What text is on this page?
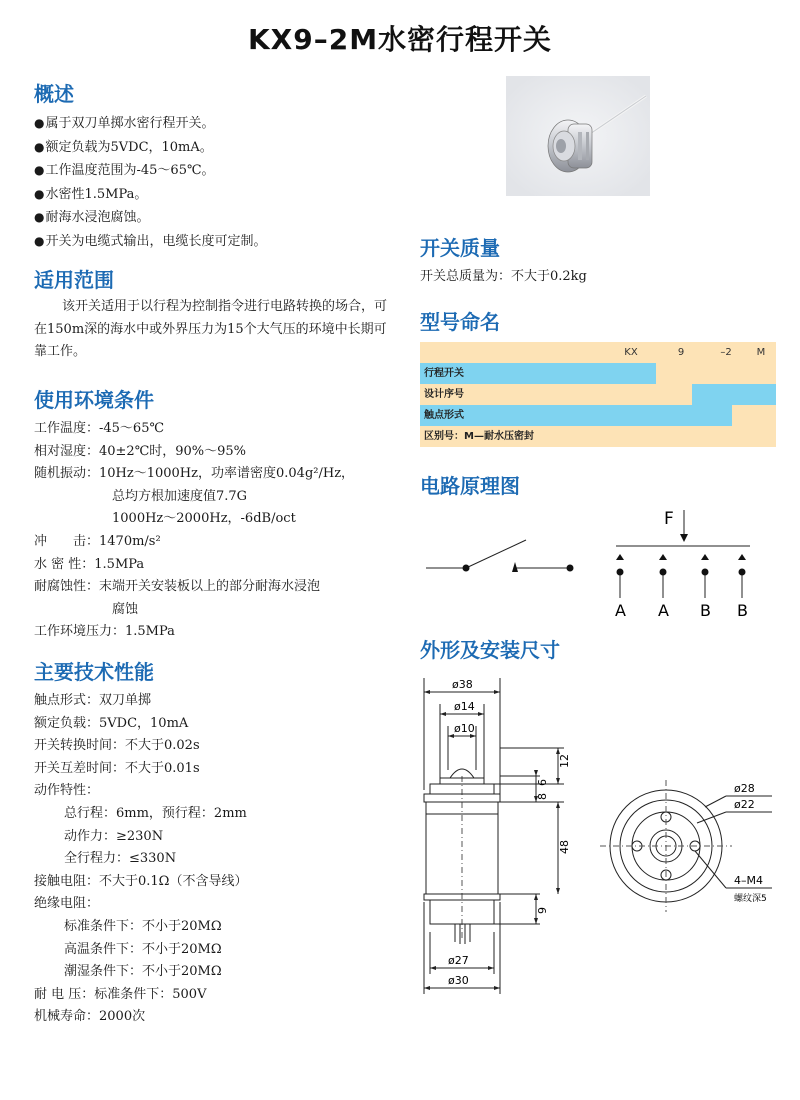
KX9–2M水密行程开关
概述
●属于双刀单掷水密行程开关。
●额定负载为5VDC，10mA。
●工作温度范围为-45～65℃。
●水密性1.5MPa。
●耐海水浸泡腐蚀。
●开关为电缆式输出，电缆长度可定制。
适用范围
该开关适用于以行程为控制指令进行电路转换的场合，可在150m深的海水中或外界压力为15个大气压的环境中长期可靠工作。
使用环境条件
工作温度：-45～65℃
相对湿度：40±2℃时，90%～95%
随机振动：10Hz～1000Hz，功率谱密度0.04g²/Hz，
总均方根加速度值7.7G
1000Hz～2000Hz，-6dB/oct
冲　　击：1470m/s²
水 密 性：1.5MPa
耐腐蚀性：末端开关安装板以上的部分耐海水浸泡
腐蚀
工作环境压力：1.5MPa
主要技术性能
触点形式：双刀单掷
额定负载：5VDC，10mA
开关转换时间：不大于0.02s
开关互差时间：不大于0.01s
动作特性：
总行程：6mm，预行程：2mm
动作力：≥230N
全行程力：≤330N
接触电阻：不大于0.1Ω（不含导线）
绝缘电阻：
标准条件下：不小于20MΩ
高温条件下：不小于20MΩ
潮湿条件下：不小于20MΩ
耐 电 压：标准条件下：500V
机械寿命：2000次
开关质量
开关总质量为：不大于0.2kg
型号命名
KX	9	–2	M
行程开关
设计序号
触点形式
区别号：M—耐水压密封
电路原理图
F
A A B B
外形及安装尺寸
ø38
ø14
ø10
12
6
8
48
9
ø27
ø30
ø28
ø22
4–M4
螺纹深5
